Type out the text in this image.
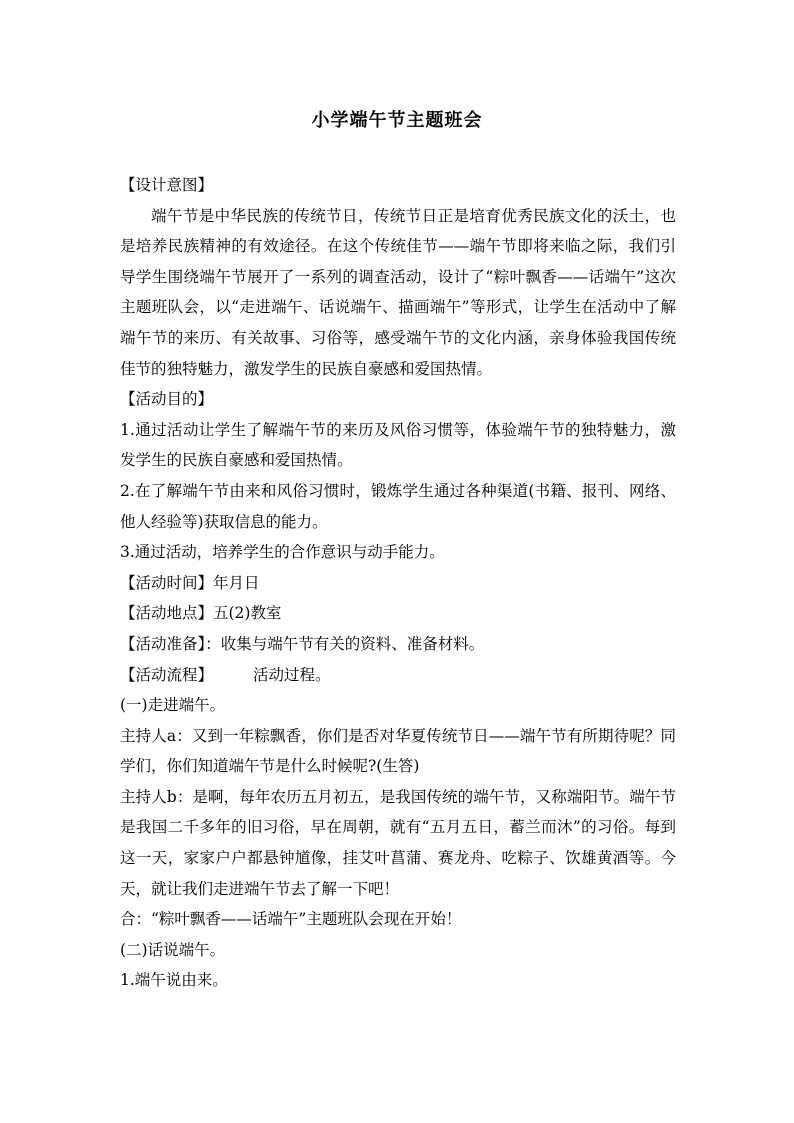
小学端午节主题班会

【设计意图】

端午节是中华民族的传统节日，传统节日正是培育优秀民族文化的沃土，也是培养民族精神的有效途径。在这个传统佳节——端午节即将来临之际，我们引导学生围绕端午节展开了一系列的调查活动，设计了“粽叶飘香——话端午”这次主题班队会，以“走进端午、话说端午、描画端午”等形式，让学生在活动中了解端午节的来历、有关故事、习俗等，感受端午节的文化内涵，亲身体验我国传统佳节的独特魅力，激发学生的民族自豪感和爱国热情。

【活动目的】

1.通过活动让学生了解端午节的来历及风俗习惯等，体验端午节的独特魅力，激发学生的民族自豪感和爱国热情。

2.在了解端午节由来和风俗习惯时，锻炼学生通过各种渠道(书籍、报刊、网络、他人经验等)获取信息的能力。

3.通过活动，培养学生的合作意识与动手能力。

【活动时间】年月日

【活动地点】五(2)教室

【活动准备】：收集与端午节有关的资料、准备材料。

【活动流程】	活动过程。

(一)走进端午。

主持人a：又到一年粽飘香，你们是否对华夏传统节日——端午节有所期待呢？同学们，你们知道端午节是什么时候呢?(生答)

主持人b：是啊，每年农历五月初五，是我国传统的端午节，又称端阳节。端午节是我国二千多年的旧习俗，早在周朝，就有“五月五日，蓄兰而沐”的习俗。每到这一天，家家户户都悬钟馗像，挂艾叶菖蒲、赛龙舟、吃粽子、饮雄黄酒等。今天，就让我们走进端午节去了解一下吧！

合：“粽叶飘香——话端午”主题班队会现在开始！

(二)话说端午。

1.端午说由来。
